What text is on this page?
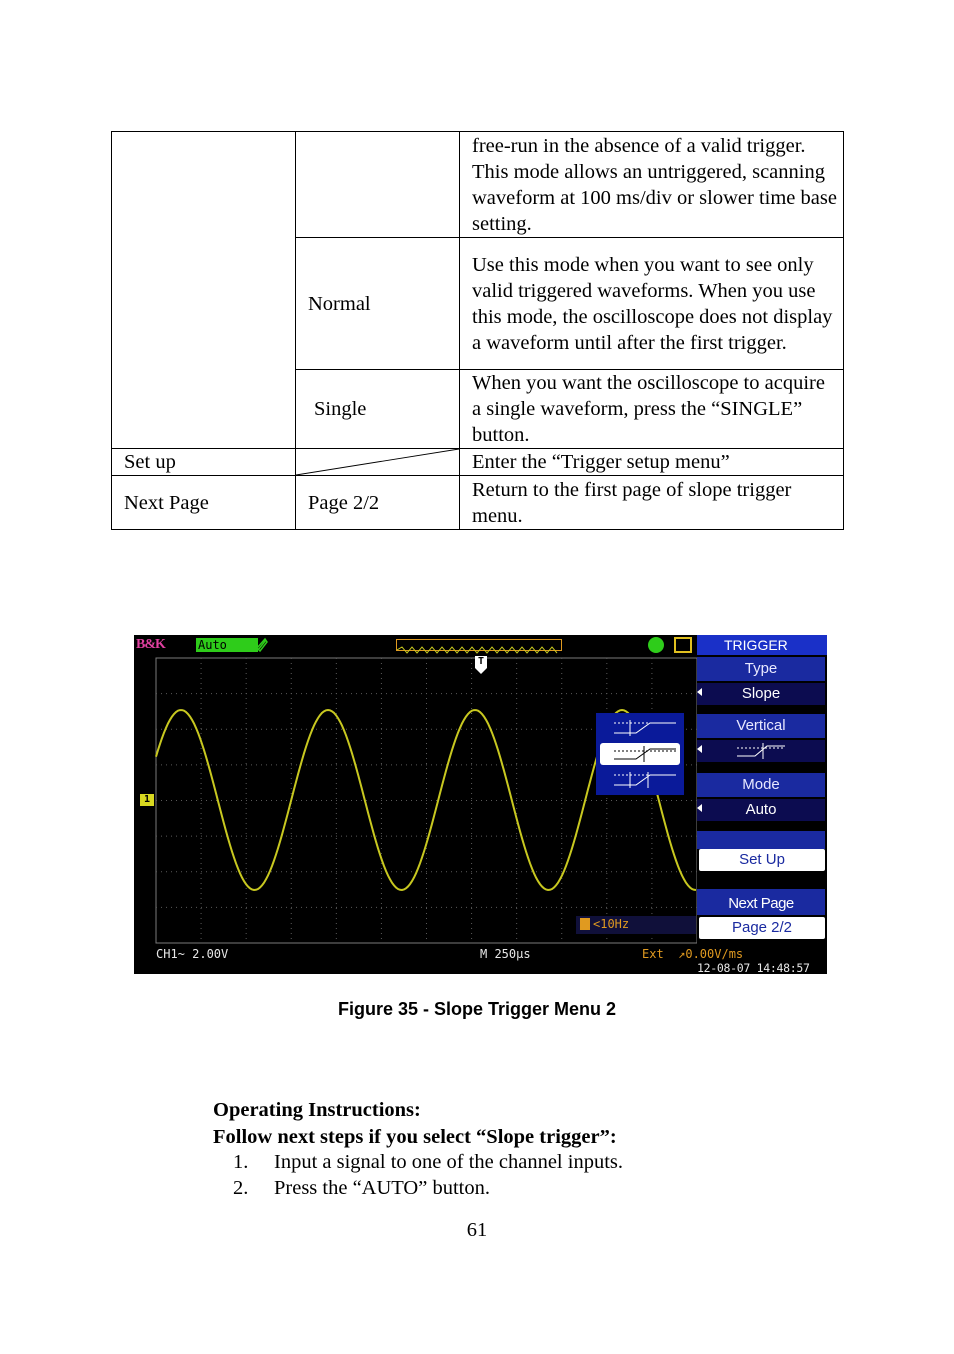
		free-run in the absence of a valid trigger. This mode allows an untriggered, scanning waveform at 100 ms/div or slower time base setting.
	Normal	Use this mode when you want to see only valid triggered waveforms. When you use this mode, the oscilloscope does not display a waveform until after the first trigger.
	Single	When you want the oscilloscope to acquire a single waveform, press the “SINGLE” button.
Set up		Enter the “Trigger setup menu”
Next Page	Page 2/2	Return to the first page of slope trigger menu.
T
1
B&K	Auto
<10Hz
TRIGGER
Type
Slope
Vertical
Mode
Auto
Set Up
Next Page
Page 2/2
CH1~ 2.00V	M 250μs	Ext  ↗0.00V/ms
12-08-07 14:48:57
Figure 35 - Slope Trigger Menu 2
Operating Instructions:
Follow next steps if you select “Slope trigger”:
1. Input a signal to one of the channel inputs.
2. Press the “AUTO” button.
61
